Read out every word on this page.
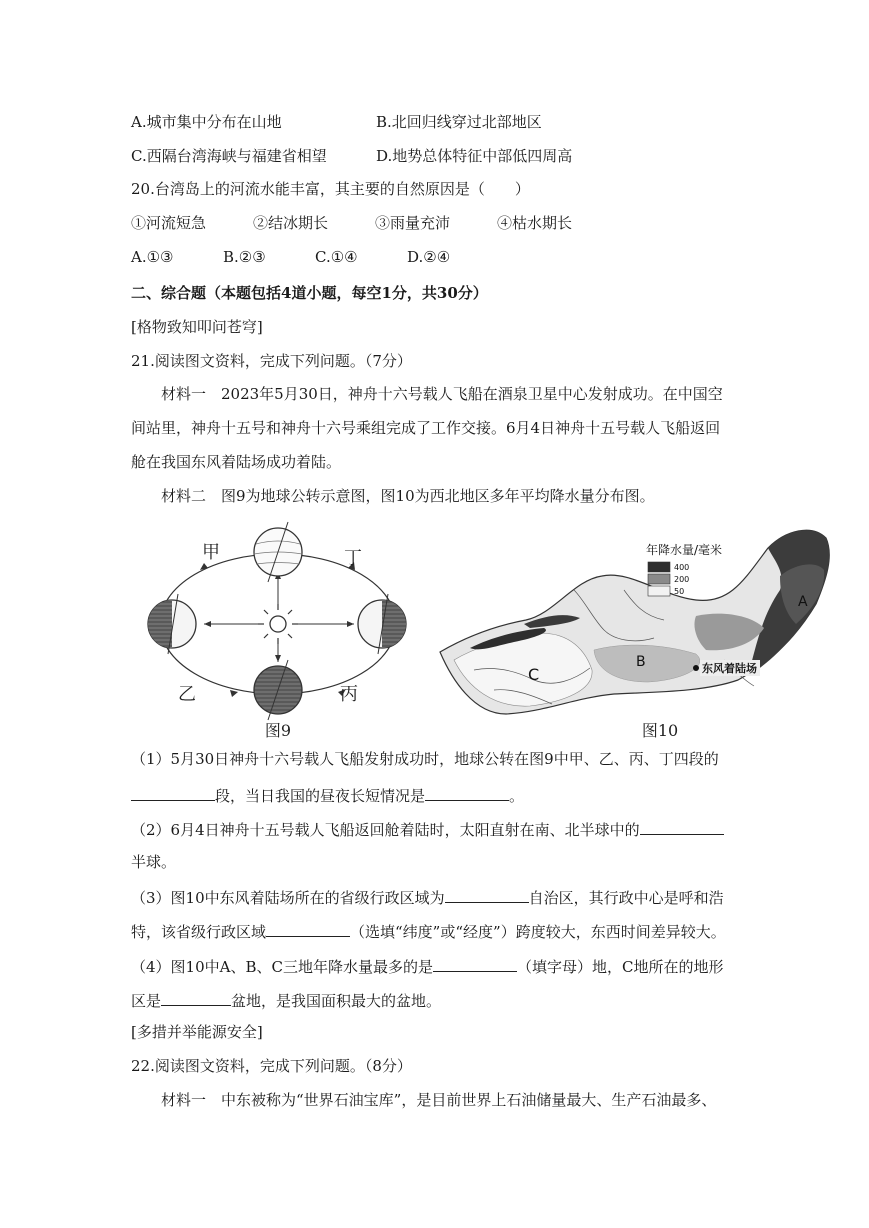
A.城市集中分布在山地	B.北回归线穿过北部地区
C.西隔台湾海峡与福建省相望	D.地势总体特征中部低四周高
20.台湾岛上的河流水能丰富，其主要的自然原因是（　　）
①河流短急	②结冰期长	③雨量充沛	④枯水期长
A.①③	B.②③	C.①④	D.②④
二、综合题（本题包括4道小题，每空1分，共30分）
[格物致知叩问苍穹]
21.阅读图文资料，完成下列问题。（7分）
材料一　2023年5月30日，神舟十六号载人飞船在酒泉卫星中心发射成功。在中国空
间站里，神舟十五号和神舟十六号乘组完成了工作交接。6月4日神舟十五号载人飞船返回
舱在我国东风着陆场成功着陆。
材料二　图9为地球公转示意图，图10为西北地区多年平均降水量分布图。
甲
乙	丙
丁
图9
东风着陆场
A
B
C
年降水量/毫米
400
200
50
图10
（1）5月30日神舟十六号载人飞船发射成功时，地球公转在图9中甲、乙、丙、丁四段的
段，当日我国的昼夜长短情况是	。
（2）6月4日神舟十五号载人飞船返回舱着陆时，太阳直射在南、北半球中的
半球。
（3）图10中东风着陆场所在的省级行政区域为	自治区，其行政中心是呼和浩
特，该省级行政区域	（选填“纬度”或“经度”）跨度较大，东西时间差异较大。
（4）图10中A、B、C三地年降水量最多的是	（填字母）地，C地所在的地形
区是	盆地，是我国面积最大的盆地。
[多措并举能源安全]
22.阅读图文资料，完成下列问题。（8分）
材料一　中东被称为“世界石油宝库”，是目前世界上石油储量最大、生产石油最多、
